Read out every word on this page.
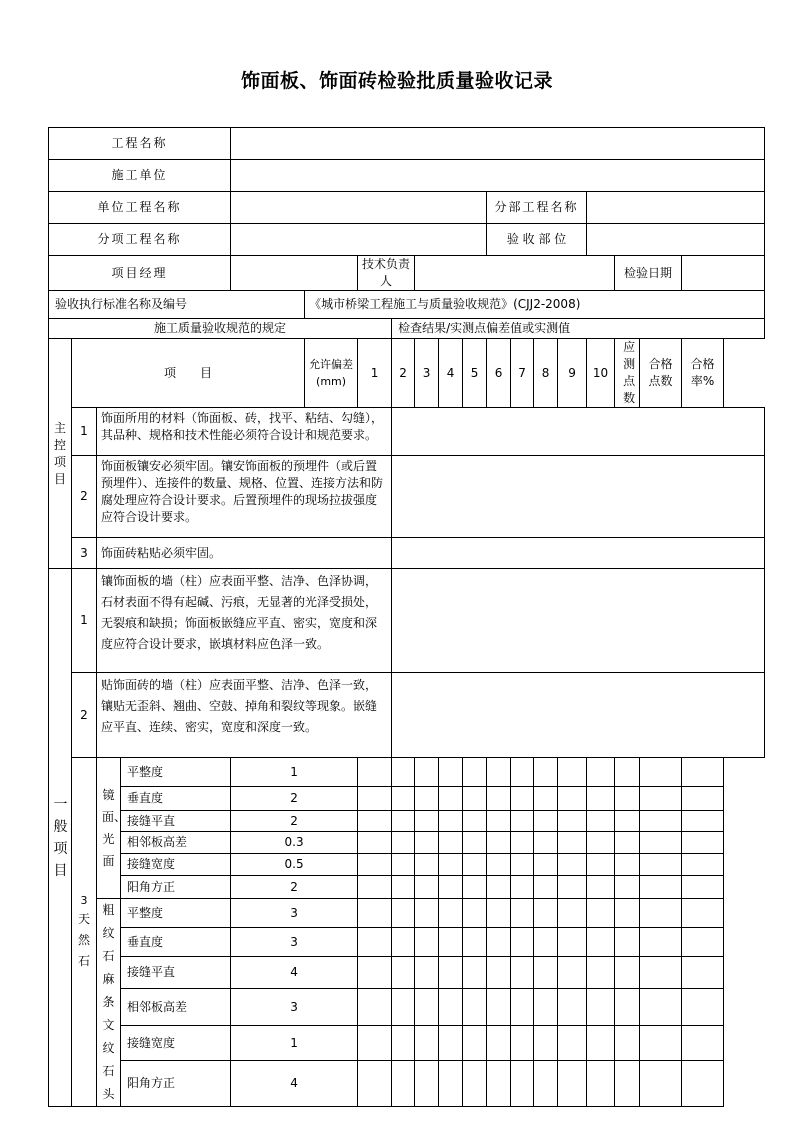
饰面板、饰面砖检验批质量验收记录
工程名称																		
施工单位																		
单位工程名称											分部工程名称							
分项工程名称											验 收 部 位							
项目经理						技术负责人										检验日期		
验收执行标准名称及编号					《城市桥梁工程施工与质量验收规范》(CJJ2-2008)													
施工质量验收规范的规定							检查结果/实测点偏差值或实测值											
主控项目	项　　目				允许偏差(mm)	1	2	3	4	5	6	7	8	9	10	应测点数	合格点数	合格率%
	1	饰面所用的材料（饰面板、砖，找平、粘结、勾缝），其品种、规格和技术性能必须符合设计和规范要求。																
	2	饰面板镶安必须牢固。镶安饰面板的预埋件（或后置预埋件）、连接件的数量、规格、位置、连接方法和防腐处理应符合设计要求。后置预埋件的现场拉拔强度应符合设计要求。																
	3	饰面砖粘贴必须牢固。																
一般项目	1	镶饰面板的墙（柱）应表面平整、洁净、色泽协调，石材表面不得有起碱、污痕，无显著的光泽受损处，无裂痕和缺损；饰面板嵌缝应平直、密实，宽度和深度应符合设计要求，嵌填材料应色泽一致。																
	2	贴饰面砖的墙（柱）应表面平整、洁净、色泽一致，镶贴无歪斜、翘曲、空鼓、掉角和裂纹等现象。嵌缝应平直、连续、密实，宽度和深度一致。																

	3
天然石	镜面、光面	平整度	1														
			垂直度	2														
			接缝平直	2														
			相邻板高差	0.3														
			接缝宽度	0.5														
			阳角方正	2														
		粗纹石麻条文纹石头	平整度	3														
			垂直度	3														
			接缝平直	4														
			相邻板高差	3														
			接缝宽度	1														
			阳角方正	4														
